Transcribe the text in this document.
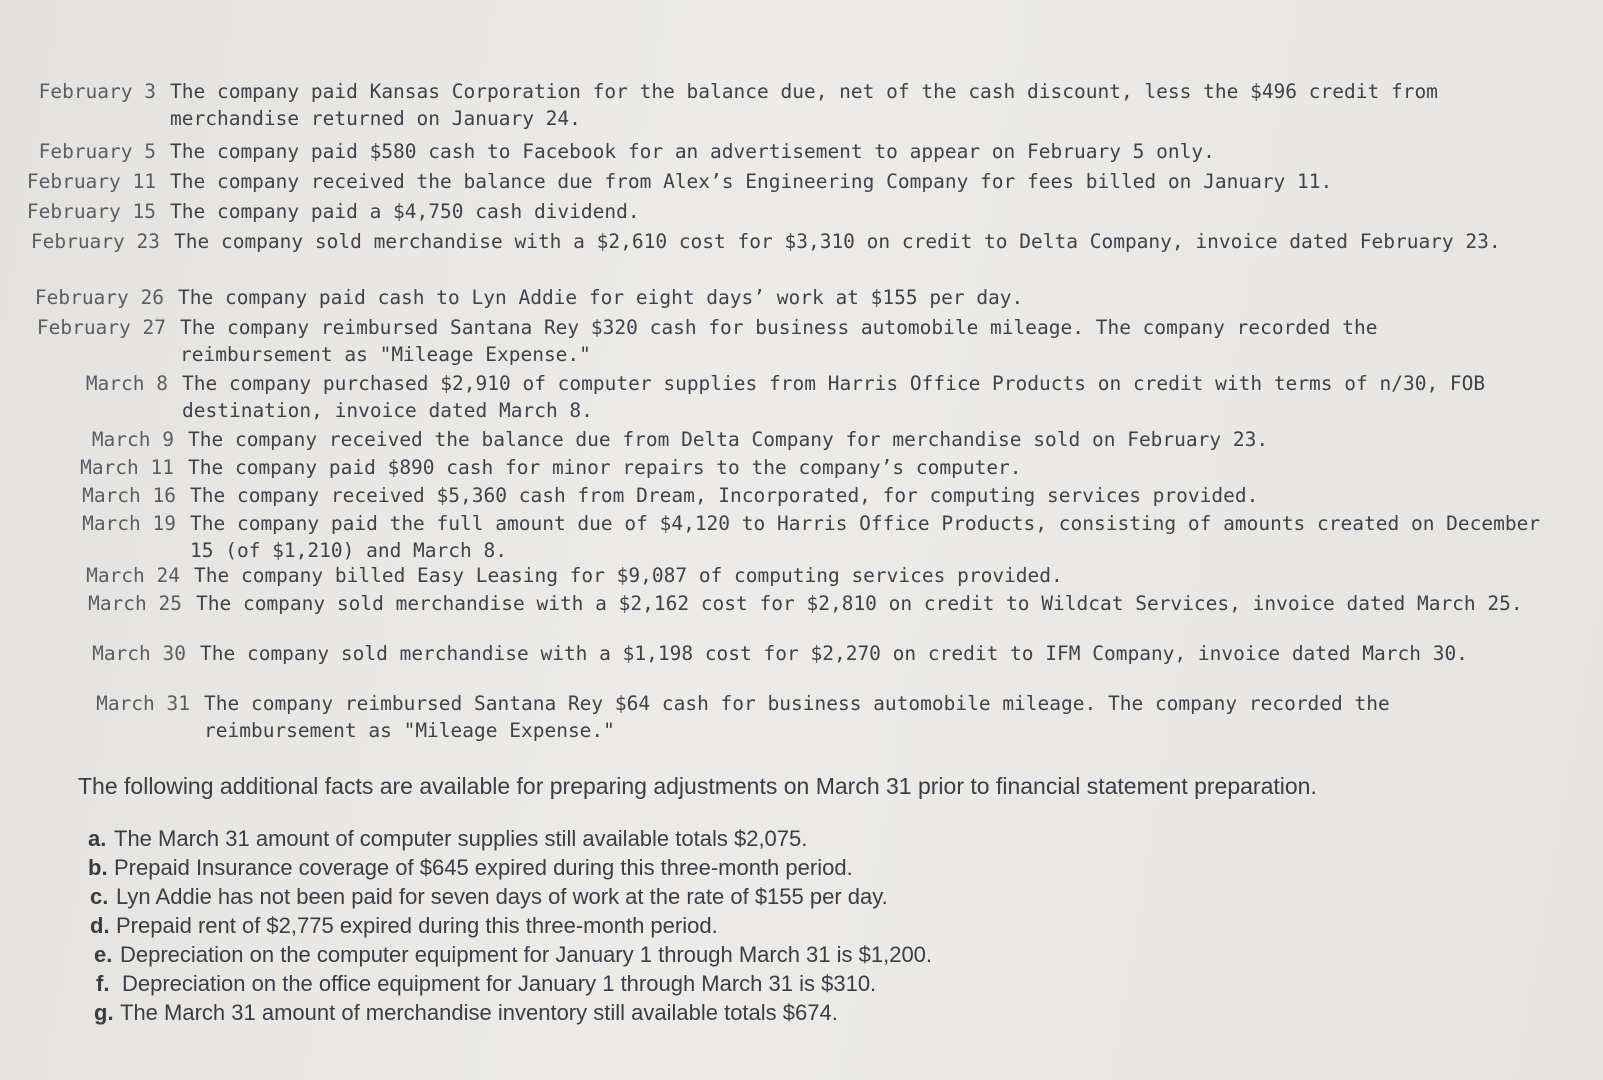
February 3 The company paid Kansas Corporation for the balance due, net of the cash discount, less the $496 credit from merchandise returned on January 24.
February 5 The company paid $580 cash to Facebook for an advertisement to appear on February 5 only.
February 11 The company received the balance due from Alex’s Engineering Company for fees billed on January 11.
February 15 The company paid a $4,750 cash dividend.
February 23 The company sold merchandise with a $2,610 cost for $3,310 on credit to Delta Company, invoice dated February 23.
February 26 The company paid cash to Lyn Addie for eight days’ work at $155 per day.
February 27 The company reimbursed Santana Rey $320 cash for business automobile mileage. The company recorded the reimbursement as "Mileage Expense."
March 8 The company purchased $2,910 of computer supplies from Harris Office Products on credit with terms of n/30, FOB destination, invoice dated March 8.
March 9 The company received the balance due from Delta Company for merchandise sold on February 23.
March 11 The company paid $890 cash for minor repairs to the company’s computer.
March 16 The company received $5,360 cash from Dream, Incorporated, for computing services provided.
March 19 The company paid the full amount due of $4,120 to Harris Office Products, consisting of amounts created on December 15 (of $1,210) and March 8.
March 24 The company billed Easy Leasing for $9,087 of computing services provided.
March 25 The company sold merchandise with a $2,162 cost for $2,810 on credit to Wildcat Services, invoice dated March 25.
March 30 The company sold merchandise with a $1,198 cost for $2,270 on credit to IFM Company, invoice dated March 30.
March 31 The company reimbursed Santana Rey $64 cash for business automobile mileage. The company recorded the reimbursement as "Mileage Expense."

The following additional facts are available for preparing adjustments on March 31 prior to financial statement preparation.

a. The March 31 amount of computer supplies still available totals $2,075.
b. Prepaid Insurance coverage of $645 expired during this three-month period.
c. Lyn Addie has not been paid for seven days of work at the rate of $155 per day.
d. Prepaid rent of $2,775 expired during this three-month period.
e. Depreciation on the computer equipment for January 1 through March 31 is $1,200.
f. Depreciation on the office equipment for January 1 through March 31 is $310.
g. The March 31 amount of merchandise inventory still available totals $674.
